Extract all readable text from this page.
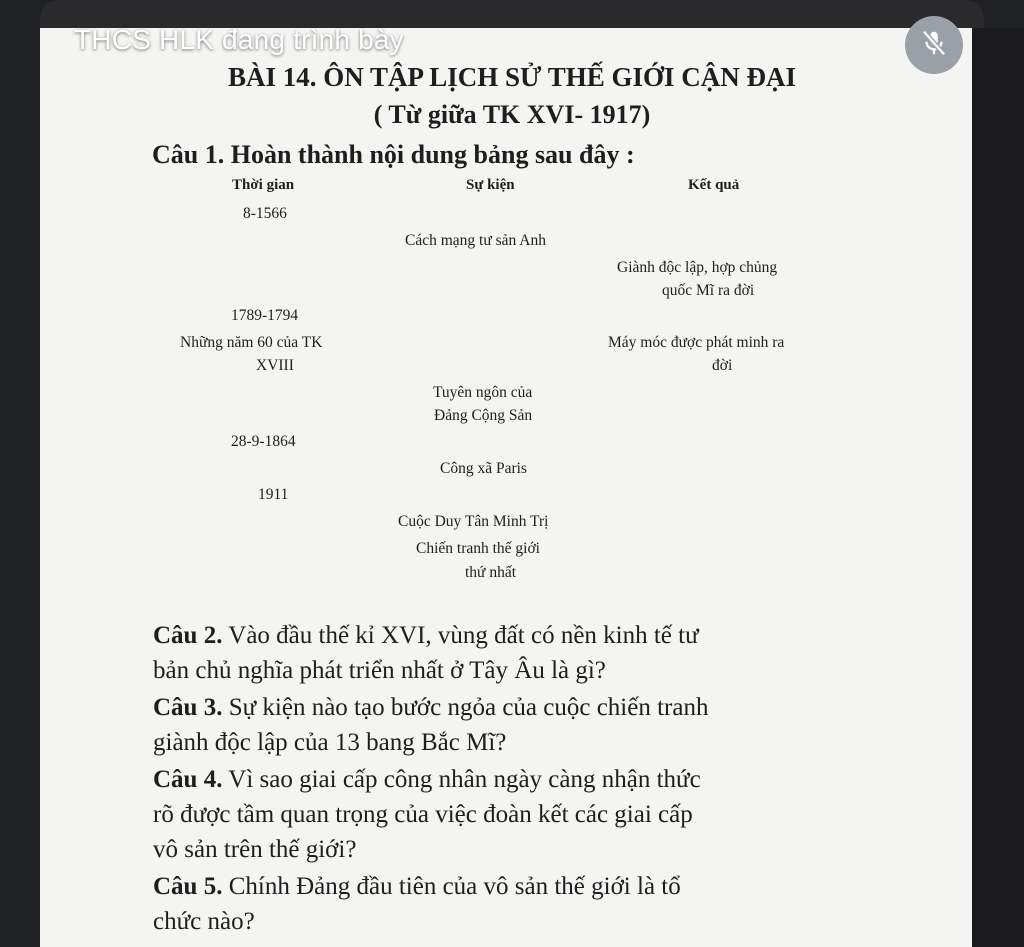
BÀI 14. ÔN TẬP LỊCH SỬ THẾ GIỚI CẬN ĐẠI
( Từ giữa TK XVI- 1917)
Câu 1. Hoàn thành nội dung bảng sau đây :
Thời gian	Sự kiện	Kết quả
8-1566
Cách mạng tư sản Anh
Giành độc lập, hợp chủng
quốc Mĩ ra đời
1789-1794
Những năm 60 của TK
XVIII
Máy móc được phát minh ra
đời
Tuyên ngôn của
Đảng Cộng Sản
28-9-1864
Công xã Paris
1911
Cuộc Duy Tân Minh Trị
Chiến tranh thế giới
thứ nhất
Câu 2. Vào đầu thế kỉ XVI, vùng đất có nền kinh tế tư
bản chủ nghĩa phát triển nhất ở Tây Âu là gì?
Câu 3. Sự kiện nào tạo bước ngỏa của cuộc chiến tranh
giành độc lập của 13 bang Bắc Mĩ?
Câu 4. Vì sao giai cấp công nhân ngày càng nhận thức
rõ được tầm quan trọng của việc đoàn kết các giai cấp
vô sản trên thế giới?
Câu 5. Chính Đảng đầu tiên của vô sản thế giới là tổ
chức nào?
THCS HLK đang trình bày
